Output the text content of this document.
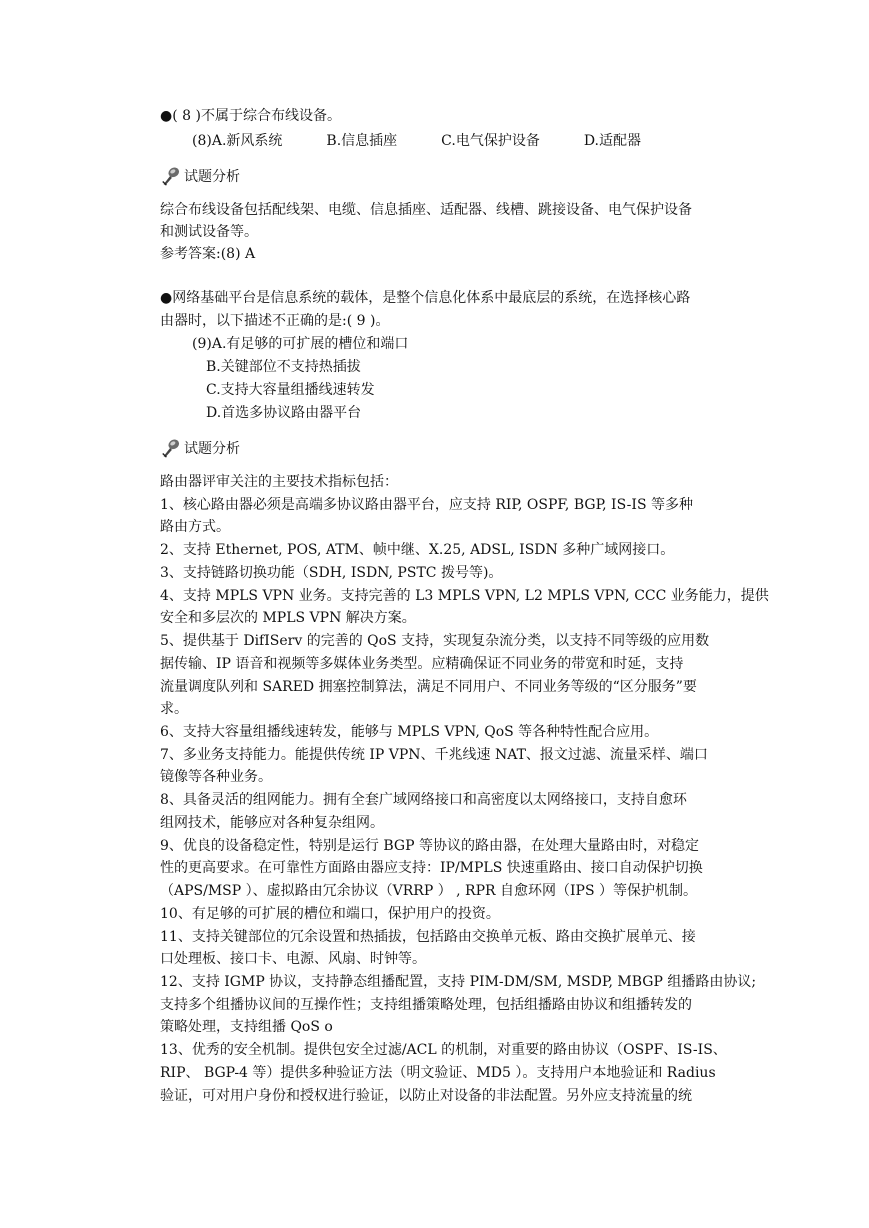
●( 8 )不属于综合布线设备。
(8)A.新风系统	B.信息插座	C.电气保护设备	D.适配器
试题分析
综合布线设备包括配线架、电缆、信息插座、适配器、线槽、跳接设备、电气保护设备
和测试设备等。
参考答案:(8) A
●网络基础平台是信息系统的载体，是整个信息化体系中最底层的系统，在选择核心路
由器时，以下描述不正确的是:( 9 )。
(9)A.有足够的可扩展的槽位和端口
B.关键部位不支持热插拔
C.支持大容量组播线速转发
D.首选多协议路由器平台
试题分析
路由器评审关注的主要技术指标包括：
1、核心路由器必须是高端多协议路由器平台，应支持 RIP, OSPF, BGP, IS-IS 等多种
路由方式。
2、支持 Ethernet, POS, ATM、帧中继、X.25, ADSL, ISDN 多种广域网接口。
3、支持链路切换功能（SDH, ISDN, PSTC 拨号等)。
4、支持 MPLS VPN 业务。支持完善的 L3 MPLS VPN, L2 MPLS VPN, CCC 业务能力，提供
安全和多层次的 MPLS VPN 解决方案。
5、提供基于 DifIServ 的完善的 QoS 支持，实现复杂流分类，以支持不同等级的应用数
据传输、IP 语音和视频等多媒体业务类型。应精确保证不同业务的带宽和时延，支持
流量调度队列和 SARED 拥塞控制算法，满足不同用户、不同业务等级的“区分服务”要
求。
6、支持大容量组播线速转发，能够与 MPLS VPN, QoS 等各种特性配合应用。
7、多业务支持能力。能提供传统 IP VPN、千兆线速 NAT、报文过滤、流量采样、端口
镜像等各种业务。
8、具备灵活的组网能力。拥有全套广域网络接口和高密度以太网络接口，支持自愈环
组网技术，能够应对各种复杂组网。
9、优良的设备稳定性，特别是运行 BGP 等协议的路由器，在处理大量路由时，对稳定
性的更高要求。在可靠性方面路由器应支持：IP/MPLS 快速重路由、接口自动保护切换
（APS/MSP ）、虚拟路由冗余协议（VRRP ） , RPR 自愈环网（IPS ）等保护机制。
10、有足够的可扩展的槽位和端口，保护用户的投资。
11、支持关键部位的冗余设置和热插拔，包括路由交换单元板、路由交换扩展单元、接
口处理板、接口卡、电源、风扇、时钟等。
12、支持 IGMP 协议，支持静态组播配置，支持 PIM-DM/SM, MSDP, MBGP 组播路由协议;
支持多个组播协议间的互操作性；支持组播策略处理，包括组播路由协议和组播转发的
策略处理，支持组播 QoS o
13、优秀的安全机制。提供包安全过滤/ACL 的机制，对重要的路由协议（OSPF、IS-IS、
RIP、 BGP-4 等）提供多种验证方法（明文验证、MD5 ）。支持用户本地验证和 Radius
验证，可对用户身份和授权进行验证，以防止对设备的非法配置。另外应支持流量的统
